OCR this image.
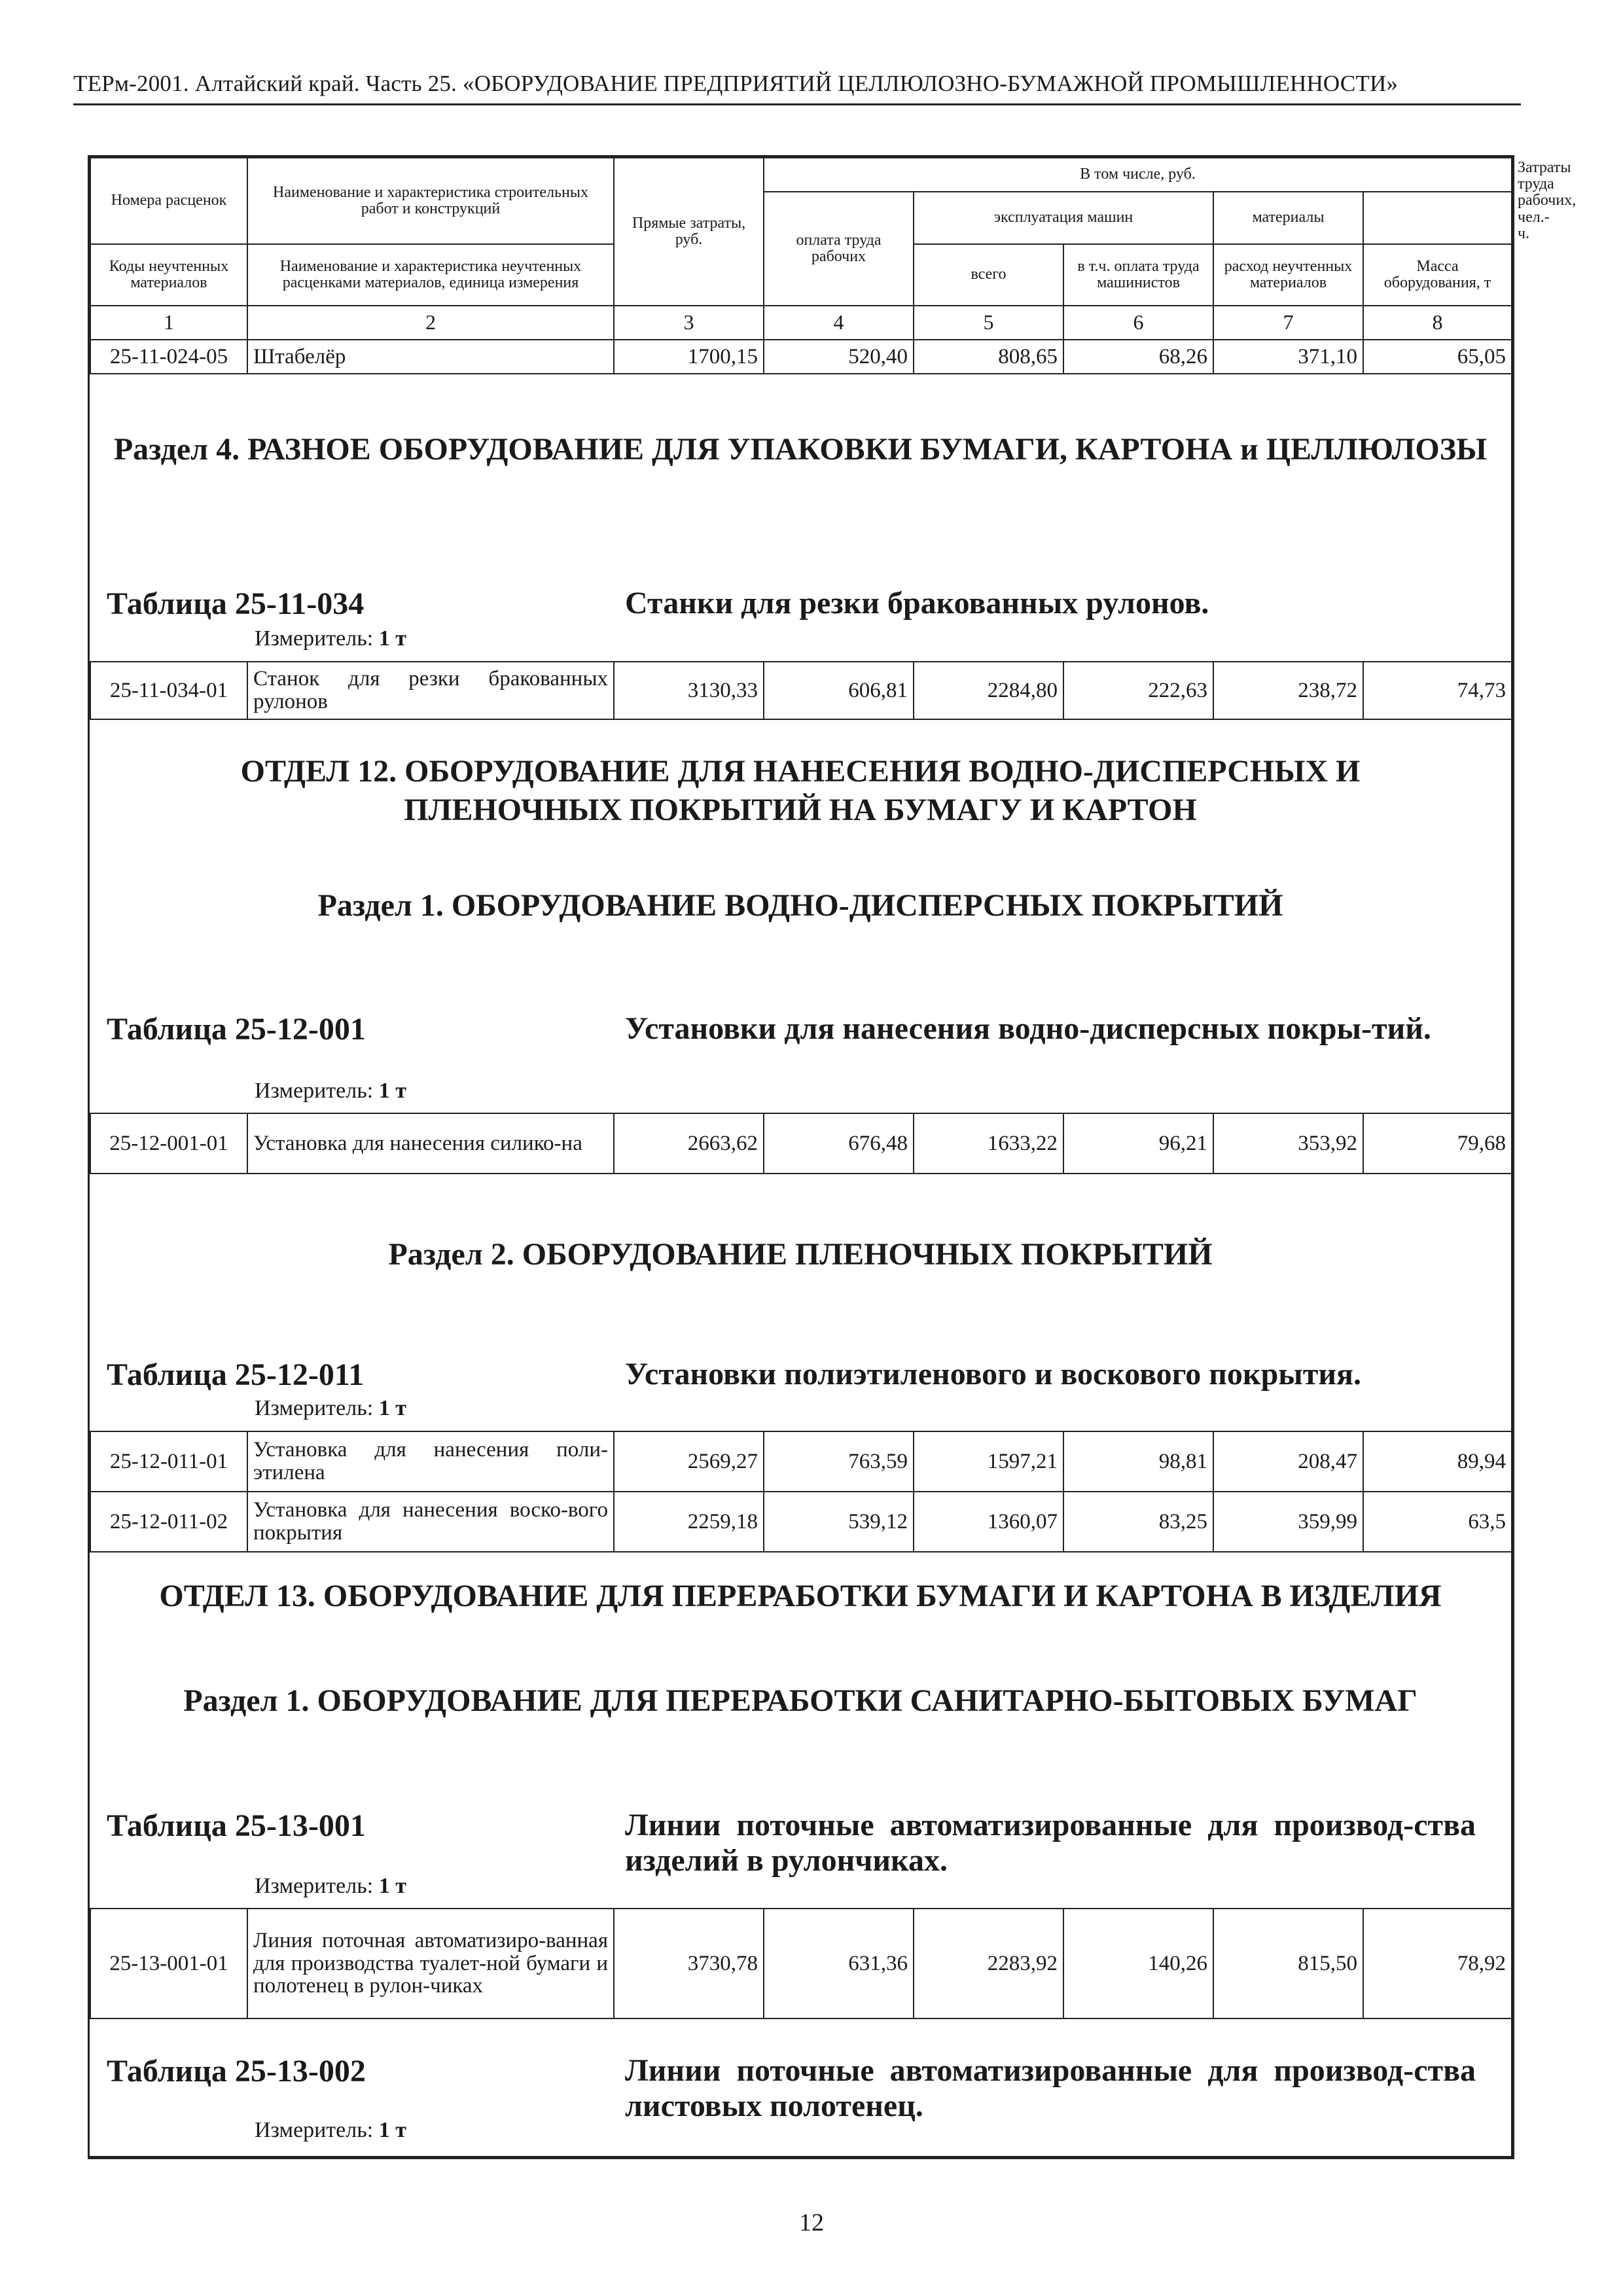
ТЕРм-2001. Алтайский край. Часть 25. «ОБОРУДОВАНИЕ ПРЕДПРИЯТИЙ ЦЕЛЛЮЛОЗНО-БУМАЖНОЙ ПРОМЫШЛЕННОСТИ»
Номера расценок	Наименование и характеристика строительных работ и конструкций	Прямые затраты, руб.	В том числе, руб.					Затраты труда рабочих, чел.-ч.
			оплата труда рабочих	эксплуатация машин		материалы		
Коды неучтенных материалов	Наименование и характеристика неучтенных расценками материалов, единица измерения			всего	в т.ч. оплата труда машинистов	расход неучтенных материалов	Масса оборудования, т	
1	2	3	4	5	6	7	8	
25-11-024-05	Штабелёр	1700,15	520,40	808,65	68,26	371,10	65,05	
Раздел 4. РАЗНОЕ ОБОРУДОВАНИЕ ДЛЯ УПАКОВКИ БУМАГИ, КАРТОНА и ЦЕЛЛЮЛОЗЫ
Таблица 25-11-034	Станки для резки бракованных рулонов.
Измеритель: 1 т
25-11-034-01	Станок для резки бракованных рулонов	3130,33	606,81	2284,80	222,63	238,72	74,73
ОТДЕЛ 12. ОБОРУДОВАНИЕ ДЛЯ НАНЕСЕНИЯ ВОДНО-ДИСПЕРСНЫХ И ПЛЕНОЧНЫХ ПОКРЫТИЙ НА БУМАГУ И КАРТОН
Раздел 1. ОБОРУДОВАНИЕ ВОДНО-ДИСПЕРСНЫХ ПОКРЫТИЙ
Таблица 25-12-001	Установки для нанесения водно-дисперсных покры-тий.
Измеритель: 1 т
25-12-001-01	Установка для нанесения силико-на	2663,62	676,48	1633,22	96,21	353,92	79,68
Раздел 2. ОБОРУДОВАНИЕ ПЛЕНОЧНЫХ ПОКРЫТИЙ
Таблица 25-12-011	Установки полиэтиленового и воскового покрытия.
Измеритель: 1 т
25-12-011-01	Установка для нанесения поли-этилена	2569,27	763,59	1597,21	98,81	208,47	89,94
25-12-011-02	Установка для нанесения воско-вого покрытия	2259,18	539,12	1360,07	83,25	359,99	63,5
ОТДЕЛ 13. ОБОРУДОВАНИЕ ДЛЯ ПЕРЕРАБОТКИ БУМАГИ И КАРТОНА В ИЗДЕЛИЯ
Раздел 1. ОБОРУДОВАНИЕ ДЛЯ ПЕРЕРАБОТКИ САНИТАРНО-БЫТОВЫХ БУМАГ
Таблица 25-13-001	Линии поточные автоматизированные для производ-ства изделий в рулончиках.
Измеритель: 1 т
25-13-001-01	Линия поточная автоматизиро-ванная для производства туалет-ной бумаги и полотенец в рулон-чиках	3730,78	631,36	2283,92	140,26	815,50	78,92
Таблица 25-13-002	Линии поточные автоматизированные для производ-ства листовых полотенец.
Измеритель: 1 т
12
